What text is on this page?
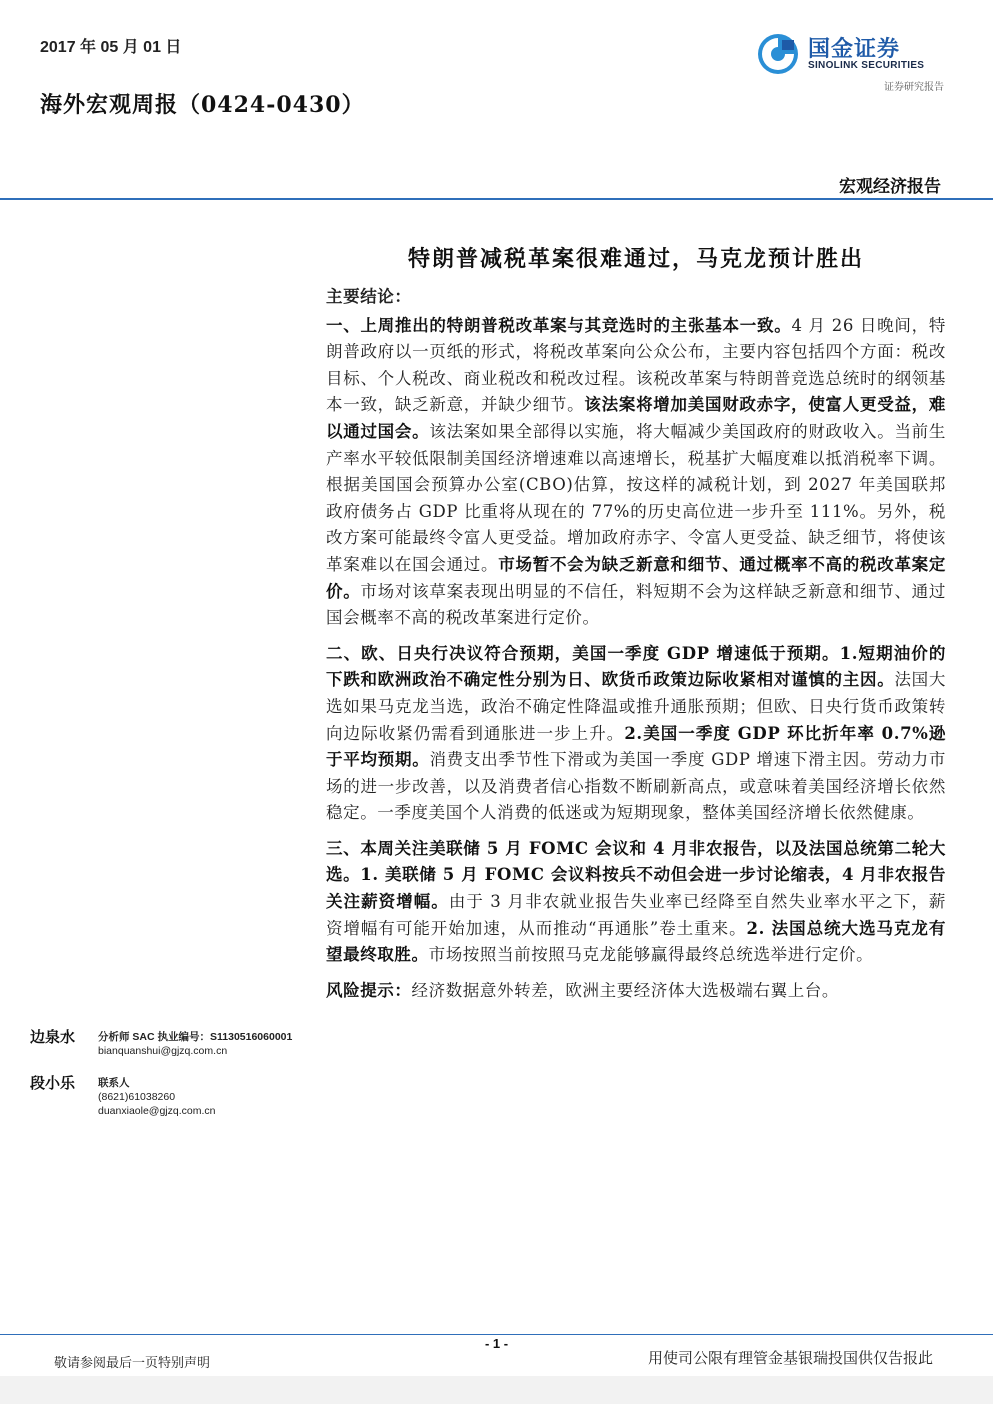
2017 年 05 月 01 日
海外宏观周报（0424-0430）
国金证券
SINOLINK SECURITIES
证券研究报告
宏观经济报告
特朗普减税革案很难通过，马克龙预计胜出

主要结论：

一、上周推出的特朗普税改革案与其竞选时的主张基本一致。4 月 26 日晚间，特朗普政府以一页纸的形式，将税改革案向公众公布，主要内容包括四个方面：税改目标、个人税改、商业税改和税改过程。该税改革案与特朗普竞选总统时的纲领基本一致，缺乏新意，并缺少细节。该法案将增加美国财政赤字，使富人更受益，难以通过国会。该法案如果全部得以实施，将大幅减少美国政府的财政收入。当前生产率水平较低限制美国经济增速难以高速增长，税基扩大幅度难以抵消税率下调。根据美国国会预算办公室(CBO)估算，按这样的减税计划，到 2027 年美国联邦政府债务占 GDP 比重将从现在的 77%的历史高位进一步升至 111%。另外，税改方案可能最终令富人更受益。增加政府赤字、令富人更受益、缺乏细节，将使该革案难以在国会通过。市场暂不会为缺乏新意和细节、通过概率不高的税改革案定价。市场对该草案表现出明显的不信任，料短期不会为这样缺乏新意和细节、通过国会概率不高的税改革案进行定价。

二、欧、日央行决议符合预期，美国一季度 GDP 增速低于预期。1.短期油价的下跌和欧洲政治不确定性分别为日、欧货币政策边际收紧相对谨慎的主因。法国大选如果马克龙当选，政治不确定性降温或推升通胀预期；但欧、日央行货币政策转向边际收紧仍需看到通胀进一步上升。2.美国一季度 GDP 环比折年率 0.7%逊于平均预期。消费支出季节性下滑或为美国一季度 GDP 增速下滑主因。劳动力市场的进一步改善，以及消费者信心指数不断刷新高点，或意味着美国经济增长依然稳定。一季度美国个人消费的低迷或为短期现象，整体美国经济增长依然健康。

三、本周关注美联储 5 月 FOMC 会议和 4 月非农报告，以及法国总统第二轮大选。1. 美联储 5 月 FOMC 会议料按兵不动但会进一步讨论缩表，4 月非农报告关注薪资增幅。由于 3 月非农就业报告失业率已经降至自然失业率水平之下，薪资增幅有可能开始加速，从而推动“再通胀”卷土重来。2. 法国总统大选马克龙有望最终取胜。市场按照当前按照马克龙能够赢得最终总统选举进行定价。

风险提示：经济数据意外转差，欧洲主要经济体大选极端右翼上台。

边泉水	分析师 SAC 执业编号：S1130516060001
bianquanshui@gjzq.com.cn
段小乐	联系人
(8621)61038260
duanxiaole@gjzq.com.cn
- 1 -
敬请参阅最后一页特别声明	用使司公限有理管金基银瑞投国供仅告报此
